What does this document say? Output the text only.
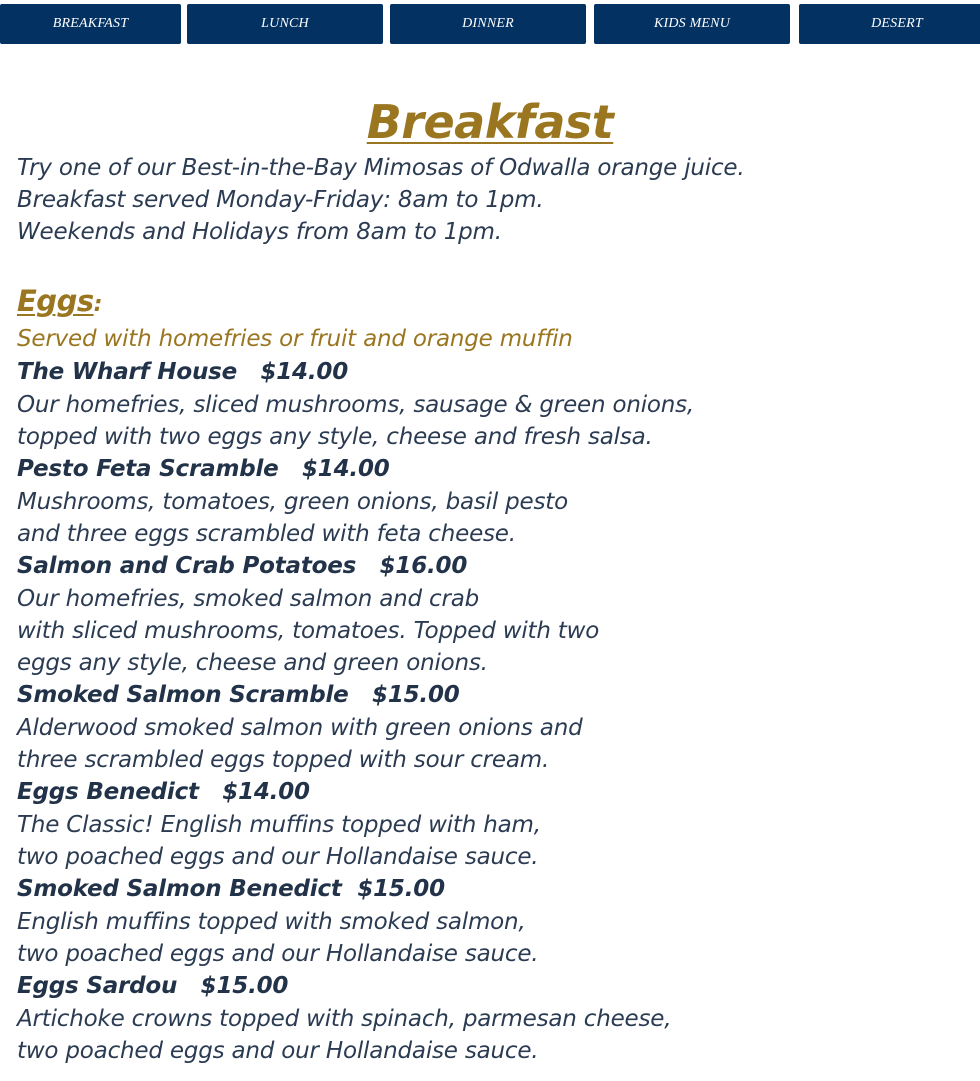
BREAKFAST	LUNCH	DINNER	KIDS MENU	DESERT
Breakfast
Try one of our Best-in-the-Bay Mimosas of Odwalla orange juice.
Breakfast served Monday-Friday: 8am to 1pm.
Weekends and Holidays from 8am to 1pm.
Eggs:
Served with homefries or fruit and orange muffin
The Wharf House $14.00
Our homefries, sliced mushrooms, sausage & green onions,
topped with two eggs any style, cheese and fresh salsa.
Pesto Feta Scramble $14.00
Mushrooms, tomatoes, green onions, basil pesto
and three eggs scrambled with feta cheese.
Salmon and Crab Potatoes $16.00
Our homefries, smoked salmon and crab
with sliced mushrooms, tomatoes. Topped with two
eggs any style, cheese and green onions.
Smoked Salmon Scramble $15.00
Alderwood smoked salmon with green onions and
three scrambled eggs topped with sour cream.
Eggs Benedict $14.00
The Classic! English muffins topped with ham,
two poached eggs and our Hollandaise sauce.
Smoked Salmon Benedict $15.00
English muffins topped with smoked salmon,
two poached eggs and our Hollandaise sauce.
Eggs Sardou $15.00
Artichoke crowns topped with spinach, parmesan cheese,
two poached eggs and our Hollandaise sauce.
